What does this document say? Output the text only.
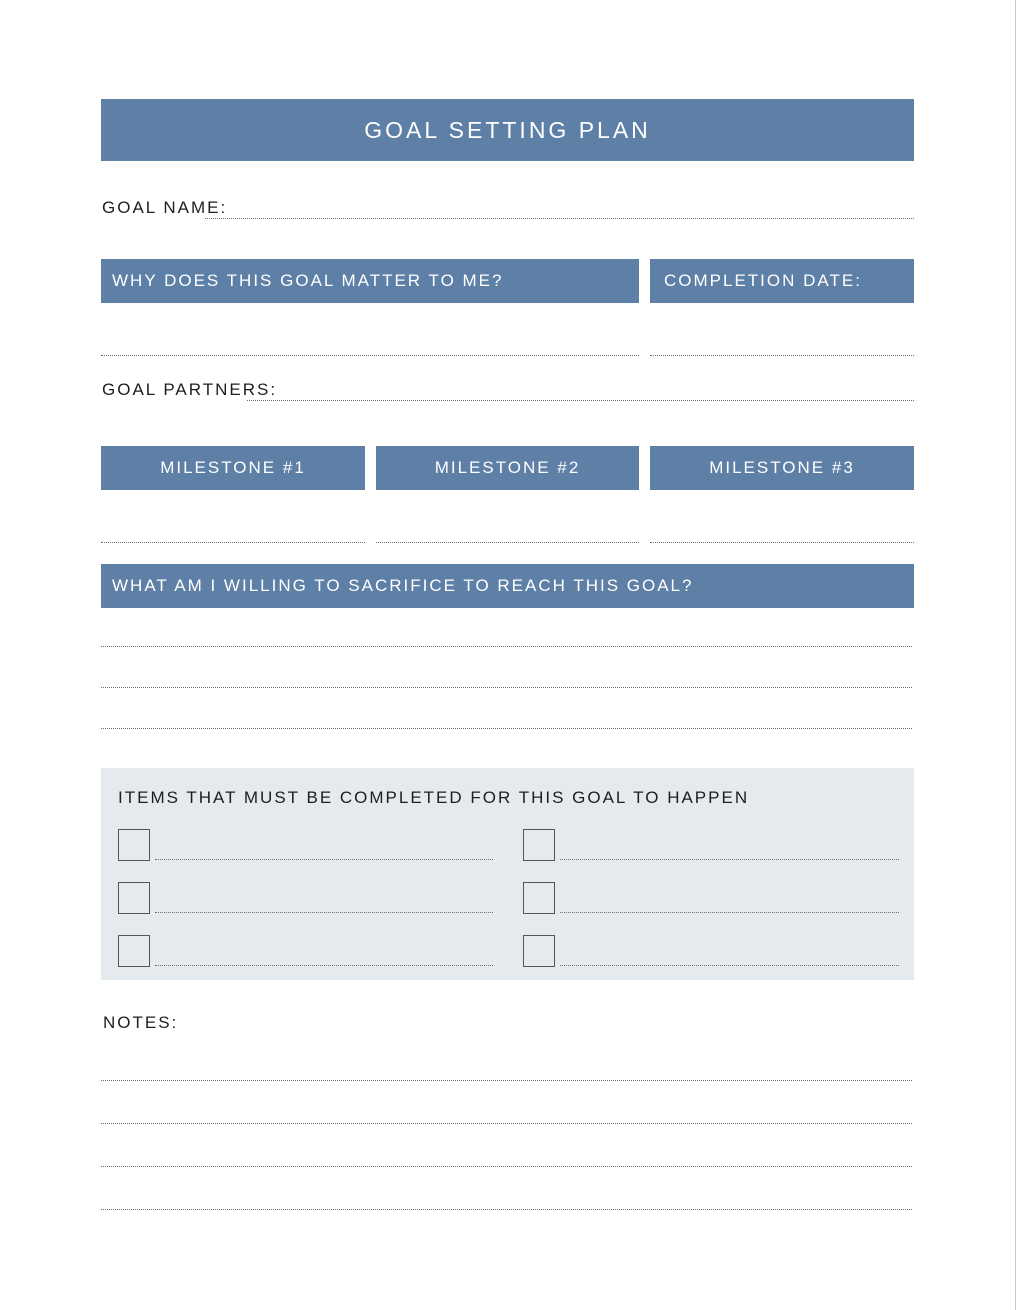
GOAL SETTING PLAN
GOAL NAME:
WHY DOES THIS GOAL MATTER TO ME?	COMPLETION DATE:
GOAL PARTNERS:
MILESTONE #1	MILESTONE #2	MILESTONE #3
WHAT AM I WILLING TO SACRIFICE TO REACH THIS GOAL?
ITEMS THAT MUST BE COMPLETED FOR THIS GOAL TO HAPPEN
NOTES:
